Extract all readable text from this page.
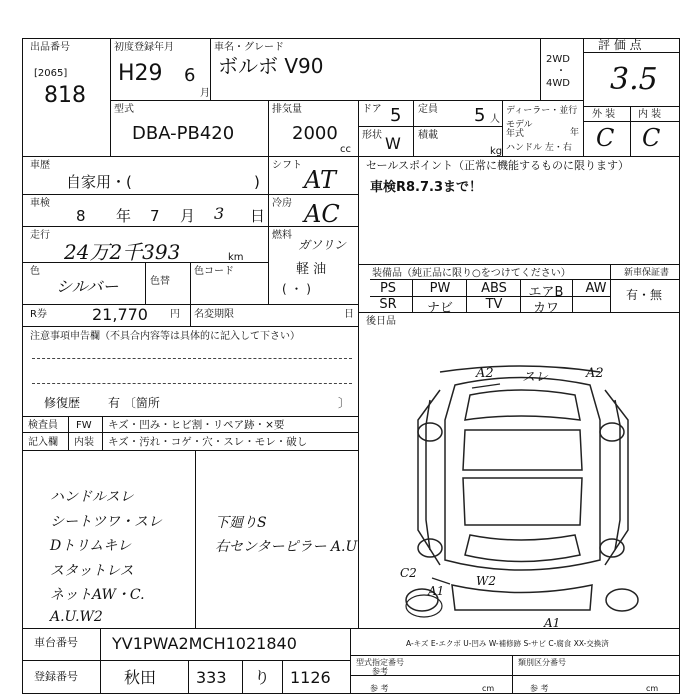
出品番号
[2065]
818
初度登録年月
H29 6
月
車名・グレード
ボルボ V90	2WD
・
4WD
評 価 点
3.5
型式
DBA-PB420
排気量
2000
cc
ドア 5
形状 W
定員 5 人
積載
kg
ディーラー・並行
モデル年式	年
ハンドル 左・右
外 装 内 装
C C
車歴
自家用・(	)
シフト
AT
車検
8 年 7 月 3 日
冷房 AC
走行
24万2千393	km
燃料
ガソリン
軽 油
( ・ )
色
シルバー	色替
色コード
R券	21,770 円 名変期限	日
セールスポイント（正常に機能するものに限ります）
車検R8.7.3まで！
装備品（純正品に限り○をつけてください）	新車保証書
有・無
PS	PW	ABS	エアB	AW
SR	ナビ	TV	カワ
後日品
注意事項申告欄（不具合内容等は具体的に記入して下さい）
修復歴 有 〔箇所	〕
検査員
記入欄
FW キズ・凹み・ヒビ割・リペア跡・×要
内装 キズ・汚れ・コゲ・穴・スレ・モレ・破し
ハンドルスレ
シートツワ・スレ
Dトリムキレ
スタットレス
ネットAW・C.
A.U.W2
下廻りS
右センターピラー A.U
A2 スレ	A2
C2
W2
A1
A1
A-キズ E-エクボ U-凹み W-補修跡 S-サビ C-腐食 XX-交換済
車台番号 YV1PWA2MCH1021840
登録番号	秋田 333 り 1126
型式指定番号
参考
類別区分番号
参 考	参 考
cm	cm
